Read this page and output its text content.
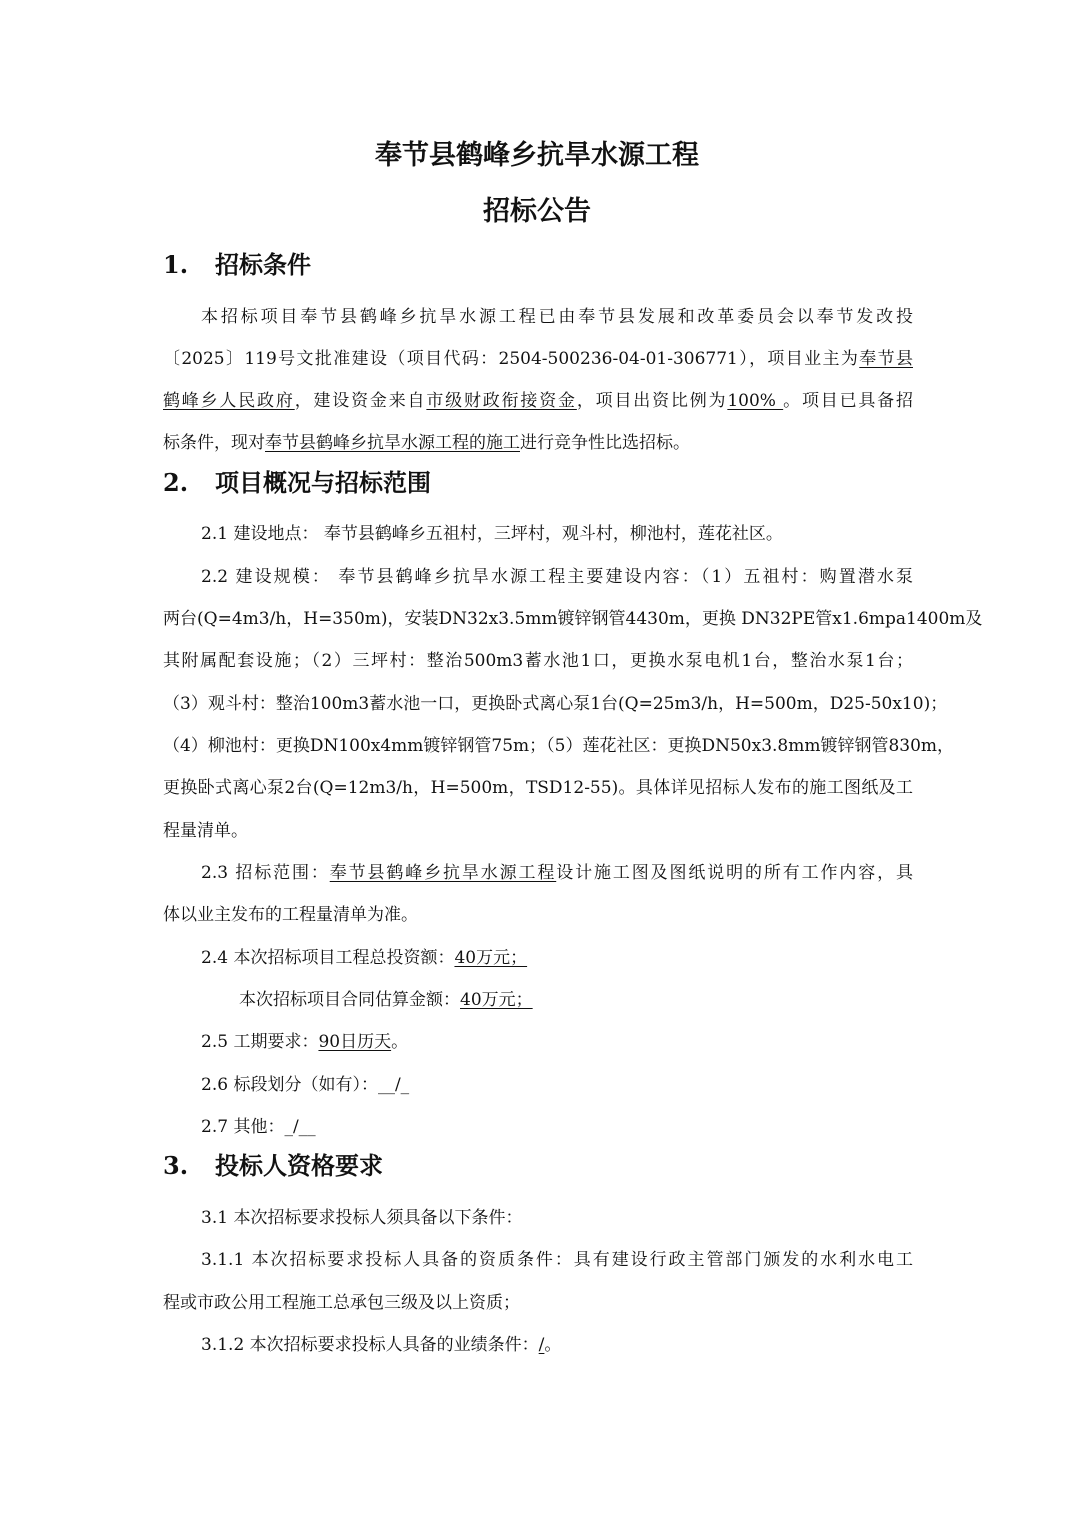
奉节县鹤峰乡抗旱水源工程
招标公告
1. 招标条件
本招标项目奉节县鹤峰乡抗旱水源工程已由奉节县发展和改革委员会以奉节发改投
〔2025〕119号文批准建设（项目代码：2504-500236-04-01-306771），项目业主为奉节县
鹤峰乡人民政府，建设资金来自市级财政衔接资金，项目出资比例为100% 。项目已具备招
标条件，现对奉节县鹤峰乡抗旱水源工程的施工进行竞争性比选招标。
2. 项目概况与招标范围
2.1 建设地点： 奉节县鹤峰乡五祖村，三坪村，观斗村，柳池村，莲花社区。
2.2 建设规模： 奉节县鹤峰乡抗旱水源工程主要建设内容：（1）五祖村：购置潜水泵
两台(Q=4m3/h，H=350m)，安装DN32x3.5mm镀锌钢管4430m，更换 DN32PE管x1.6mpa1400m及
其附属配套设施；（2）三坪村：整治500m3蓄水池1口，更换水泵电机1台，整治水泵1台；
（3）观斗村：整治100m3蓄水池一口，更换卧式离心泵1台(Q=25m3/h，H=500m，D25-50x10)；
（4）柳池村：更换DN100x4mm镀锌钢管75m；（5）莲花社区：更换DN50x3.8mm镀锌钢管830m，
更换卧式离心泵2台(Q=12m3/h，H=500m，TSD12-55)。具体详见招标人发布的施工图纸及工
程量清单。
2.3 招标范围：奉节县鹤峰乡抗旱水源工程设计施工图及图纸说明的所有工作内容，具
体以业主发布的工程量清单为准。
2.4 本次招标项目工程总投资额：40万元；
本次招标项目合同估算金额：40万元；
2.5 工期要求：90日历天。
2.6 标段划分（如有）：__/_
2.7 其他：_/__
3. 投标人资格要求
3.1 本次招标要求投标人须具备以下条件：
3.1.1 本次招标要求投标人具备的资质条件：具有建设行政主管部门颁发的水利水电工
程或市政公用工程施工总承包三级及以上资质；
3.1.2 本次招标要求投标人具备的业绩条件：/。
